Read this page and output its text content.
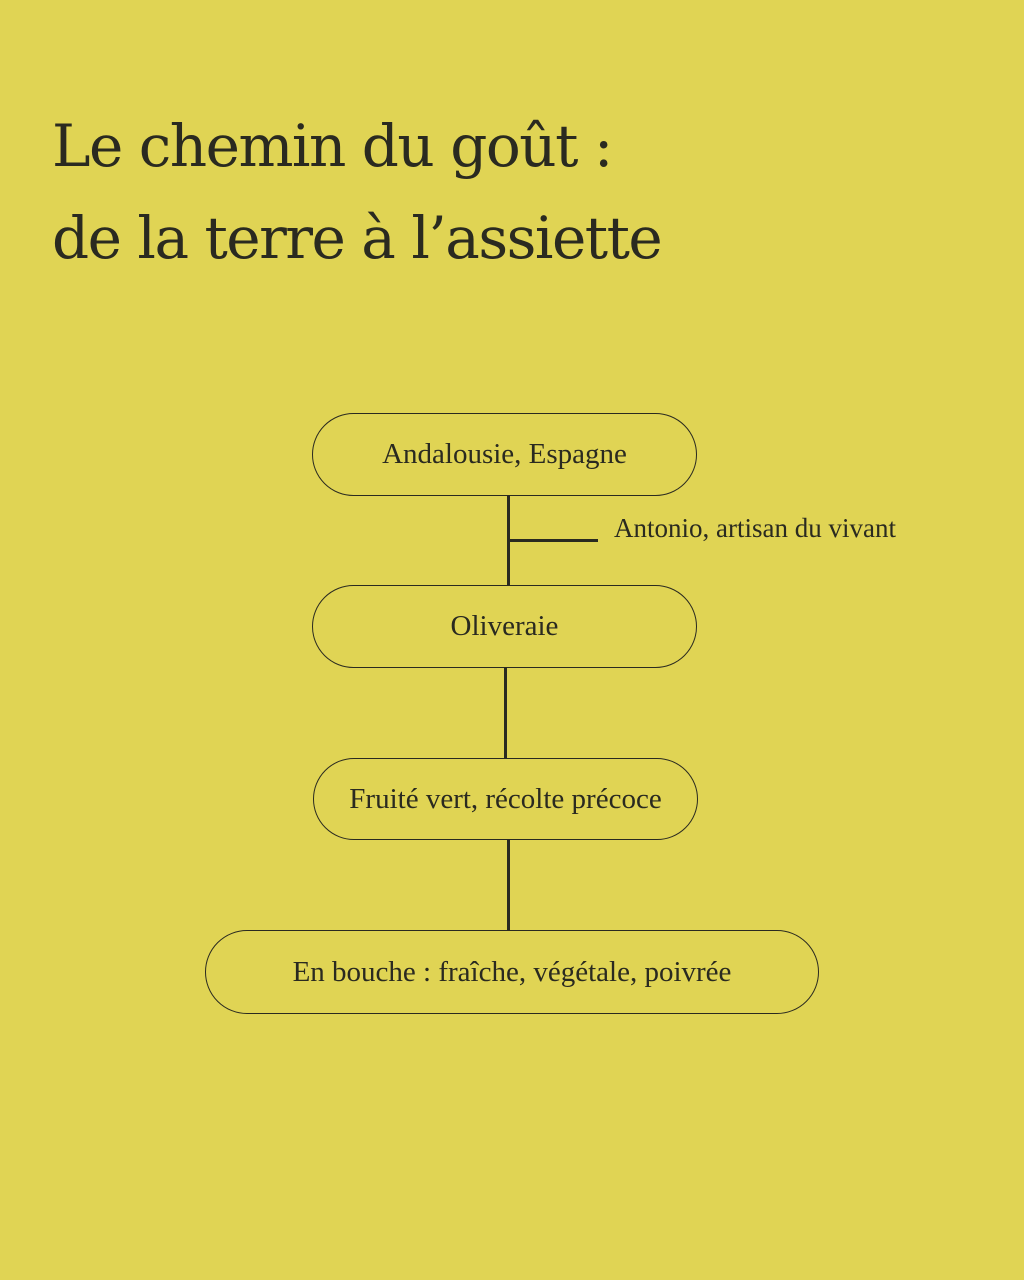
Le chemin du goût :
de la terre à l’assiette
Andalousie, Espagne
Antonio, artisan du vivant
Oliveraie
Fruité vert, récolte précoce
En bouche : fraîche, végétale, poivrée
